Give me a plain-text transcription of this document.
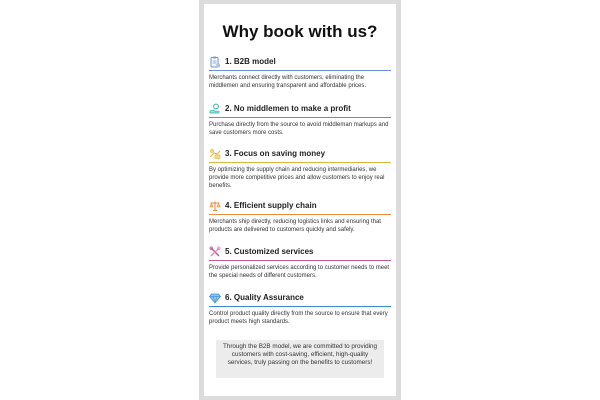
Why book with us?
1. B2B model
Merchants connect directly with customers, eliminating the middlemen and ensuring transparent and affordable prices.
2. No middlemen to make a profit
Purchase directly from the source to avoid middleman markups and save customers more costs.
3. Focus on saving money
By optimizing the supply chain and reducing intermediaries, we provide more competitive prices and allow customers to enjoy real benefits.
4. Efficient supply chain
Merchants ship directly, reducing logistics links and ensuring that products are delivered to customers quickly and safely.
5. Customized services
Provide personalized services according to customer needs to meet the special needs of different customers.
6. Quality Assurance
Control product quality directly from the source to ensure that every product meets high standards.
Through the B2B model, we are committed to providing customers with cost-saving, efficient, high-quality services, truly passing on the benefits to customers!
